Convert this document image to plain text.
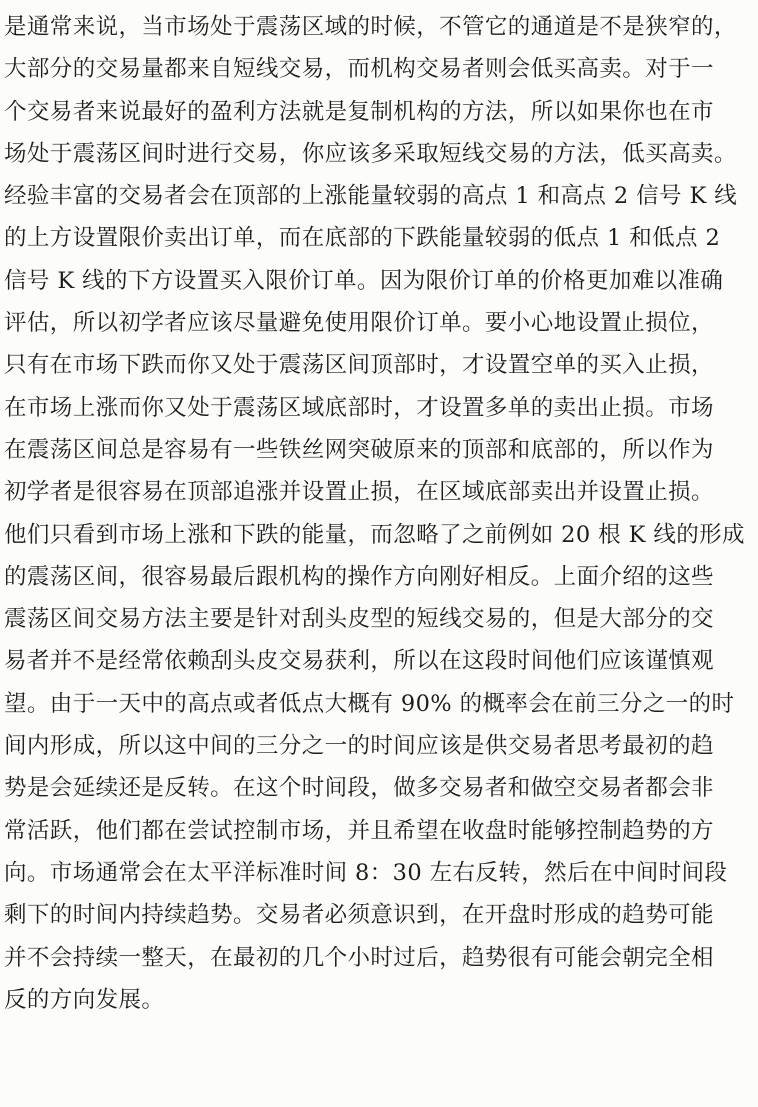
是通常来说，当市场处于震荡区域的时候，不管它的通道是不是狭窄的，
大部分的交易量都来自短线交易，而机构交易者则会低买高卖。对于一
个交易者来说最好的盈利方法就是复制机构的方法，所以如果你也在市
场处于震荡区间时进行交易，你应该多采取短线交易的方法，低买高卖。
经验丰富的交易者会在顶部的上涨能量较弱的高点 1 和高点 2 信号 K 线
的上方设置限价卖出订单，而在底部的下跌能量较弱的低点 1 和低点 2
信号 K 线的下方设置买入限价订单。因为限价订单的价格更加难以准确
评估，所以初学者应该尽量避免使用限价订单。要小心地设置止损位，
只有在市场下跌而你又处于震荡区间顶部时，才设置空单的买入止损，
在市场上涨而你又处于震荡区域底部时，才设置多单的卖出止损。市场
在震荡区间总是容易有一些铁丝网突破原来的顶部和底部的，所以作为
初学者是很容易在顶部追涨并设置止损，在区域底部卖出并设置止损。
他们只看到市场上涨和下跌的能量，而忽略了之前例如 20 根 K 线的形成
的震荡区间，很容易最后跟机构的操作方向刚好相反。上面介绍的这些
震荡区间交易方法主要是针对刮头皮型的短线交易的，但是大部分的交
易者并不是经常依赖刮头皮交易获利，所以在这段时间他们应该谨慎观
望。由于一天中的高点或者低点大概有 90% 的概率会在前三分之一的时
间内形成，所以这中间的三分之一的时间应该是供交易者思考最初的趋
势是会延续还是反转。在这个时间段，做多交易者和做空交易者都会非
常活跃，他们都在尝试控制市场，并且希望在收盘时能够控制趋势的方
向。市场通常会在太平洋标准时间 8：30 左右反转，然后在中间时间段
剩下的时间内持续趋势。交易者必须意识到，在开盘时形成的趋势可能
并不会持续一整天，在最初的几个小时过后，趋势很有可能会朝完全相
反的方向发展。
